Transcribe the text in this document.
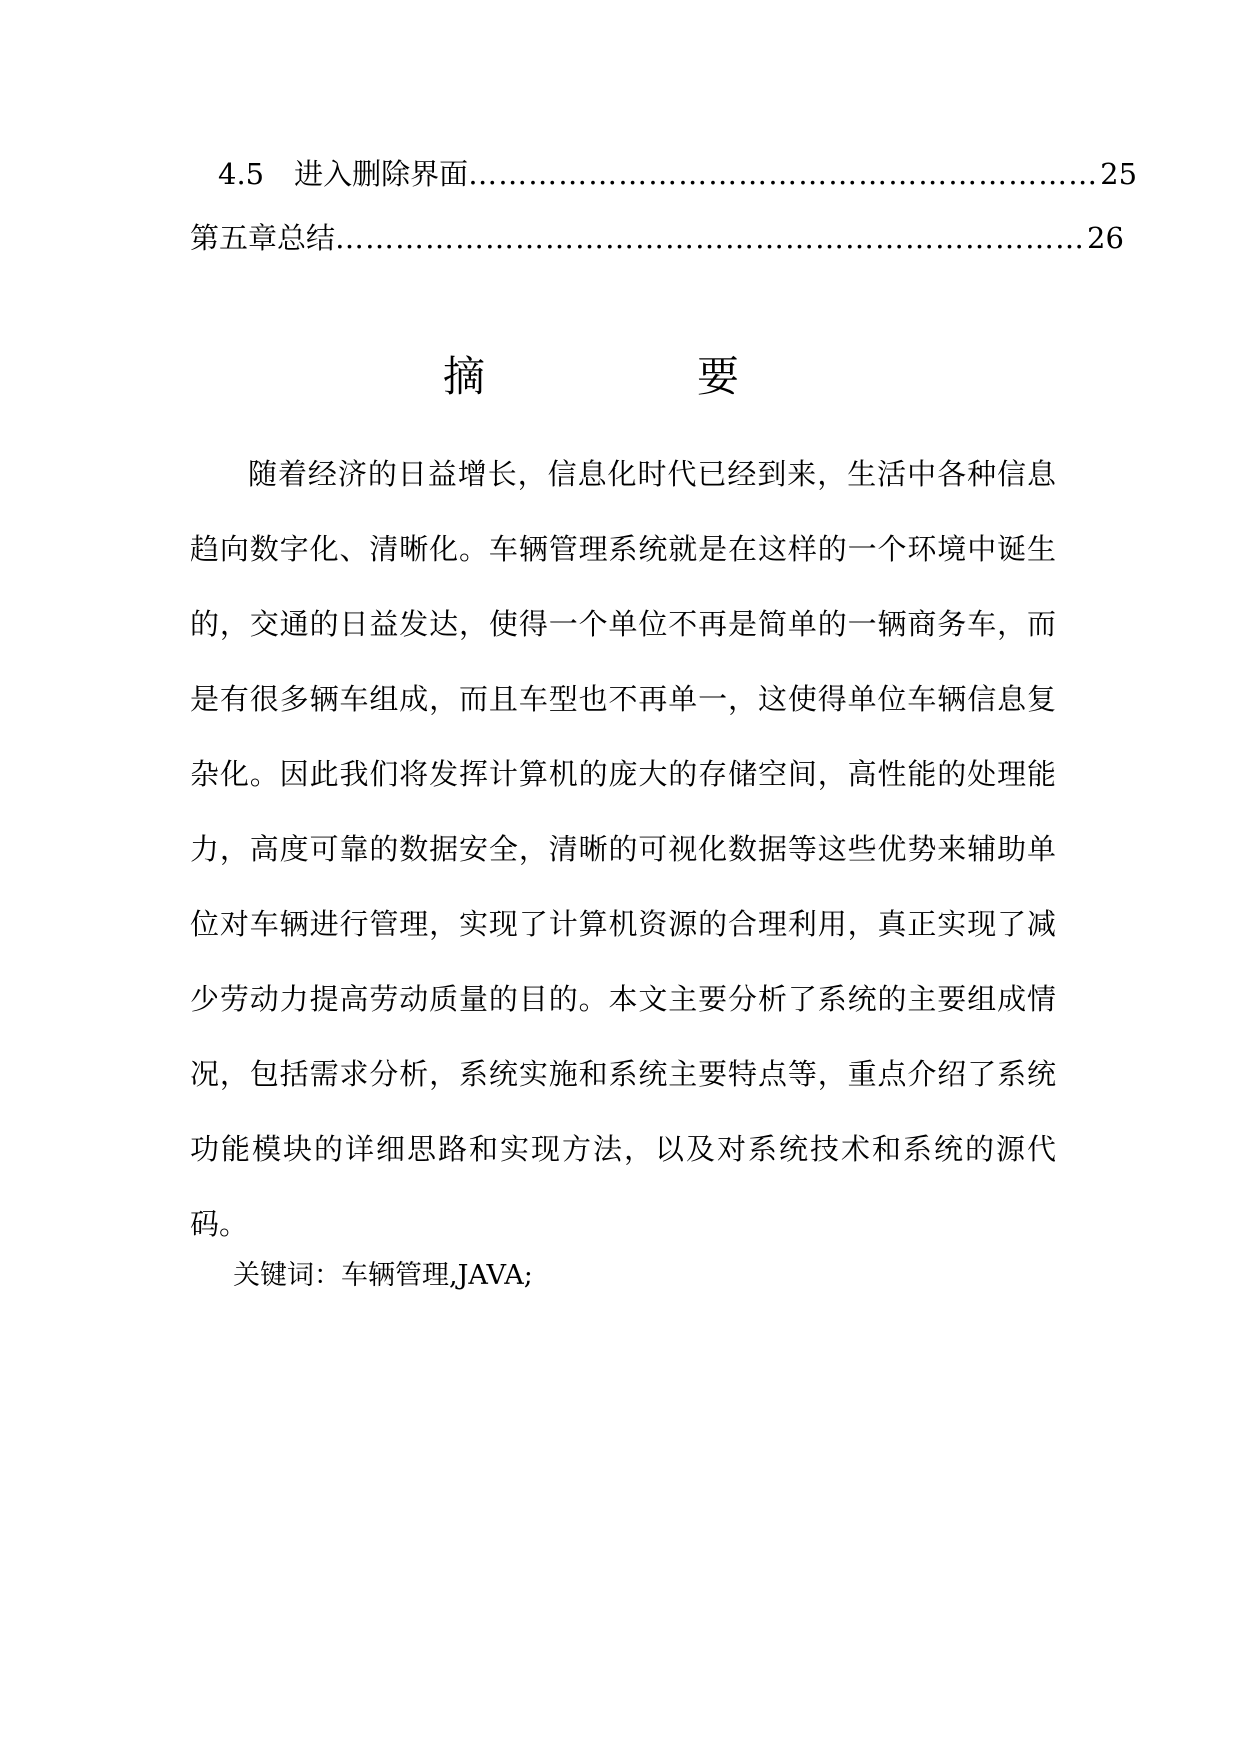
4.5 进入删除界面 ……………………………………………………… 25
第五章 总结 ………………………………………………………………… 26
摘	要

随着经济的日益增长，信息化时代已经到来，生活中各种信息趋向数字化、清晰化。车辆管理系统就是在这样的一个环境中诞生的，交通的日益发达，使得一个单位不再是简单的一辆商务车，而是有很多辆车组成，而且车型也不再单一，这使得单位车辆信息复杂化。因此我们将发挥计算机的庞大的存储空间，高性能的处理能力，高度可靠的数据安全，清晰的可视化数据等这些优势来辅助单位对车辆进行管理，实现了计算机资源的合理利用，真正实现了减少劳动力提高劳动质量的目的。本文主要分析了系统的主要组成情况，包括需求分析，系统实施和系统主要特点等，重点介绍了系统功能模块的详细思路和实现方法，以及对系统技术和系统的源代码。

关键词：车辆管理,JAVA;
